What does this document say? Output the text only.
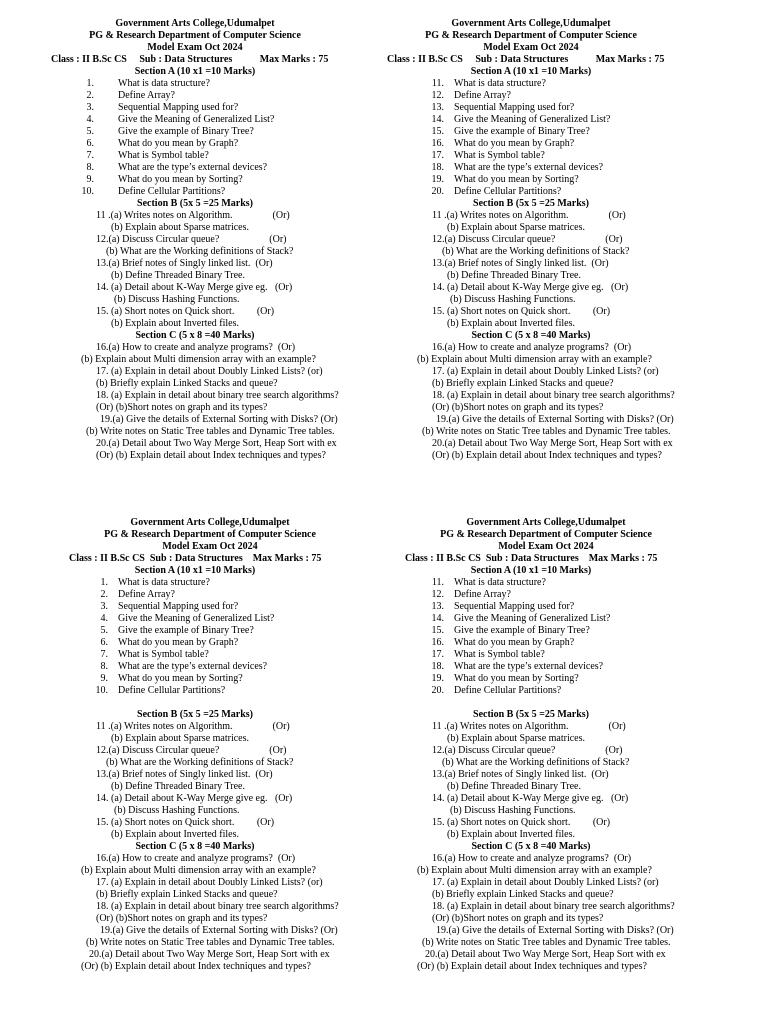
Government Arts College,Udumalpet
PG & Research Department of Computer Science
Model Exam Oct 2024
Class : II B.Sc CS     Sub : Data Structures           Max Marks : 75
Section A (10 x1 =10 Marks)
1. What is data structure?
2. Define Array?
3. Sequential Mapping used for?
4. Give the Meaning of Generalized List?
5. Give the example of Binary Tree?
6. What do you mean by Graph?
7. What is Symbol table?
8. What are the type’s external devices?
9. What do you mean by Sorting?
10. Define Cellular Partitions?
Section B (5x 5 =25 Marks)
11 .(a) Writes notes on Algorithm.                (Or)
(b) Explain about Sparse matrices.
12.(a) Discuss Circular queue?                    (Or)
(b) What are the Working definitions of Stack?
13.(a) Brief notes of Singly linked list.  (Or)
(b) Define Threaded Binary Tree.
14. (a) Detail about K-Way Merge give eg.   (Or)
(b) Discuss Hashing Functions.
15. (a) Short notes on Quick short.         (Or)
(b) Explain about Inverted files.
Section C (5 x 8 =40 Marks)
16.(a) How to create and analyze programs?  (Or)
(b) Explain about Multi dimension array with an example?
17. (a) Explain in detail about Doubly Linked Lists? (or)
(b) Briefly explain Linked Stacks and queue?
18. (a) Explain in detail about binary tree search algorithms?
(Or) (b)Short notes on graph and its types?
19.(a) Give the details of External Sorting with Disks? (Or)
(b) Write notes on Static Tree tables and Dynamic Tree tables.
20.(a) Detail about Two Way Merge Sort, Heap Sort with ex
(Or) (b) Explain detail about Index techniques and types?
Government Arts College,Udumalpet
PG & Research Department of Computer Science
Model Exam Oct 2024
Class : II B.Sc CS     Sub : Data Structures           Max Marks : 75
Section A (10 x1 =10 Marks)
11. What is data structure?
12. Define Array?
13. Sequential Mapping used for?
14. Give the Meaning of Generalized List?
15. Give the example of Binary Tree?
16. What do you mean by Graph?
17. What is Symbol table?
18. What are the type’s external devices?
19. What do you mean by Sorting?
20. Define Cellular Partitions?
Section B (5x 5 =25 Marks)
11 .(a) Writes notes on Algorithm.                (Or)
(b) Explain about Sparse matrices.
12.(a) Discuss Circular queue?                    (Or)
(b) What are the Working definitions of Stack?
13.(a) Brief notes of Singly linked list.  (Or)
(b) Define Threaded Binary Tree.
14. (a) Detail about K-Way Merge give eg.   (Or)
(b) Discuss Hashing Functions.
15. (a) Short notes on Quick short.         (Or)
(b) Explain about Inverted files.
Section C (5 x 8 =40 Marks)
16.(a) How to create and analyze programs?  (Or)
(b) Explain about Multi dimension array with an example?
17. (a) Explain in detail about Doubly Linked Lists? (or)
(b) Briefly explain Linked Stacks and queue?
18. (a) Explain in detail about binary tree search algorithms?
(Or) (b)Short notes on graph and its types?
19.(a) Give the details of External Sorting with Disks? (Or)
(b) Write notes on Static Tree tables and Dynamic Tree tables.
20.(a) Detail about Two Way Merge Sort, Heap Sort with ex
(Or) (b) Explain detail about Index techniques and types?
Government Arts College,Udumalpet
PG & Research Department of Computer Science
Model Exam Oct 2024
Class : II B.Sc CS  Sub : Data Structures    Max Marks : 75
Section A (10 x1 =10 Marks)
1. What is data structure?
2. Define Array?
3. Sequential Mapping used for?
4. Give the Meaning of Generalized List?
5. Give the example of Binary Tree?
6. What do you mean by Graph?
7. What is Symbol table?
8. What are the type’s external devices?
9. What do you mean by Sorting?
10. Define Cellular Partitions?
Section B (5x 5 =25 Marks)
11 .(a) Writes notes on Algorithm.                (Or)
(b) Explain about Sparse matrices.
12.(a) Discuss Circular queue?                    (Or)
(b) What are the Working definitions of Stack?
13.(a) Brief notes of Singly linked list.  (Or)
(b) Define Threaded Binary Tree.
14. (a) Detail about K-Way Merge give eg.   (Or)
(b) Discuss Hashing Functions.
15. (a) Short notes on Quick short.         (Or)
(b) Explain about Inverted files.
Section C (5 x 8 =40 Marks)
16.(a) How to create and analyze programs?  (Or)
(b) Explain about Multi dimension array with an example?
17. (a) Explain in detail about Doubly Linked Lists? (or)
(b) Briefly explain Linked Stacks and queue?
18. (a) Explain in detail about binary tree search algorithms?
(Or) (b)Short notes on graph and its types?
19.(a) Give the details of External Sorting with Disks? (Or)
(b) Write notes on Static Tree tables and Dynamic Tree tables.
20.(a) Detail about Two Way Merge Sort, Heap Sort with ex
(Or) (b) Explain detail about Index techniques and types?
Government Arts College,Udumalpet
PG & Research Department of Computer Science
Model Exam Oct 2024
Class : II B.Sc CS  Sub : Data Structures    Max Marks : 75
Section A (10 x1 =10 Marks)
11. What is data structure?
12. Define Array?
13. Sequential Mapping used for?
14. Give the Meaning of Generalized List?
15. Give the example of Binary Tree?
16. What do you mean by Graph?
17. What is Symbol table?
18. What are the type’s external devices?
19. What do you mean by Sorting?
20. Define Cellular Partitions?
Section B (5x 5 =25 Marks)
11 .(a) Writes notes on Algorithm.                (Or)
(b) Explain about Sparse matrices.
12.(a) Discuss Circular queue?                    (Or)
(b) What are the Working definitions of Stack?
13.(a) Brief notes of Singly linked list.  (Or)
(b) Define Threaded Binary Tree.
14. (a) Detail about K-Way Merge give eg.   (Or)
(b) Discuss Hashing Functions.
15. (a) Short notes on Quick short.         (Or)
(b) Explain about Inverted files.
Section C (5 x 8 =40 Marks)
16.(a) How to create and analyze programs?  (Or)
(b) Explain about Multi dimension array with an example?
17. (a) Explain in detail about Doubly Linked Lists? (or)
(b) Briefly explain Linked Stacks and queue?
18. (a) Explain in detail about binary tree search algorithms?
(Or) (b)Short notes on graph and its types?
19.(a) Give the details of External Sorting with Disks? (Or)
(b) Write notes on Static Tree tables and Dynamic Tree tables.
20.(a) Detail about Two Way Merge Sort, Heap Sort with ex
(Or) (b) Explain detail about Index techniques and types?
